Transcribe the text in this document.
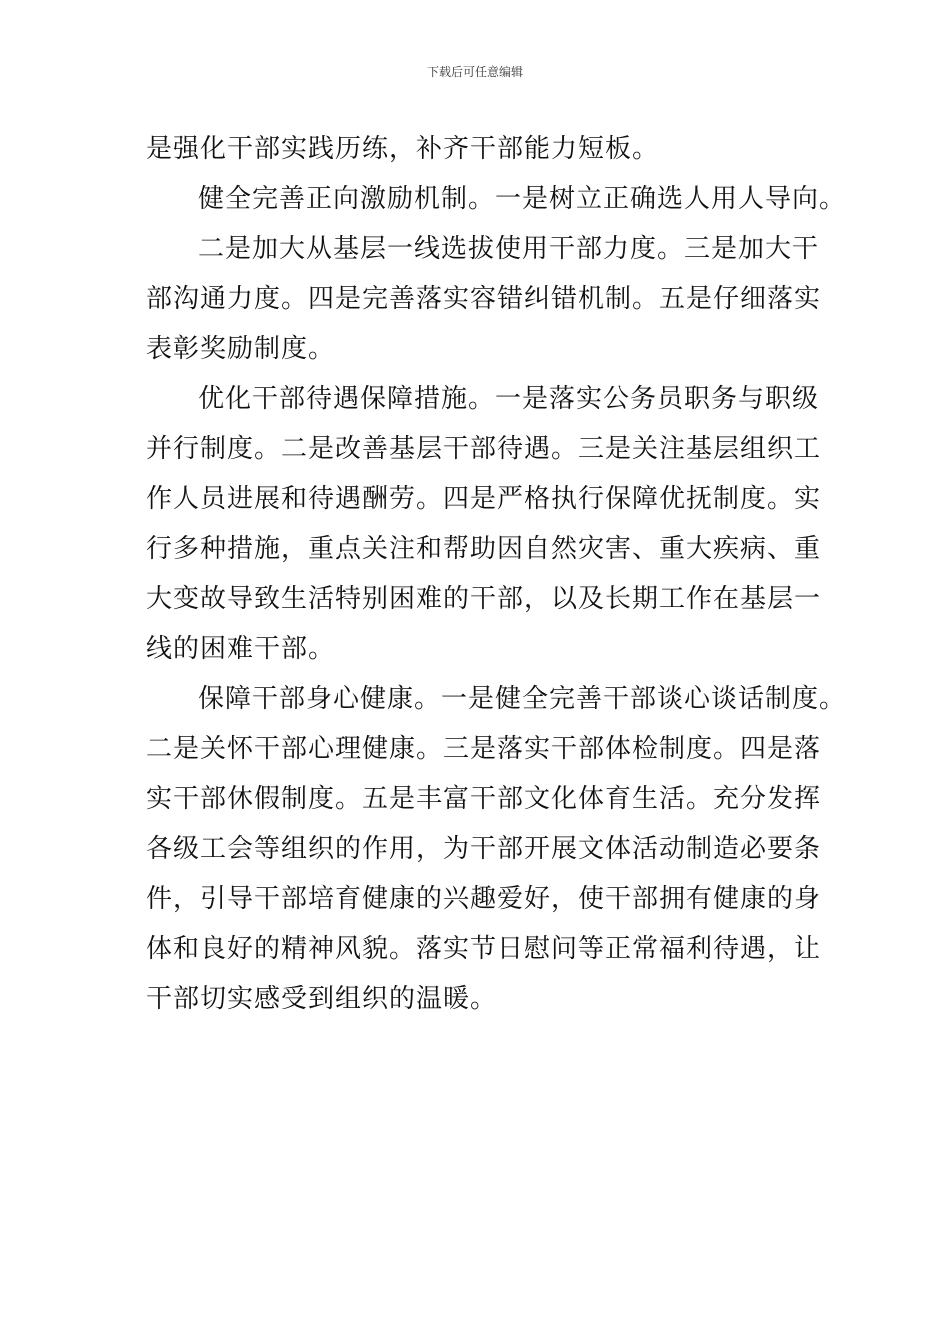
下载后可任意编辑
是强化干部实践历练，补齐干部能力短板。
健全完善正向激励机制。一是树立正确选人用人导向。
二是加大从基层一线选拔使用干部力度。三是加大干
部沟通力度。四是完善落实容错纠错机制。五是仔细落实
表彰奖励制度。
优化干部待遇保障措施。一是落实公务员职务与职级
并行制度。二是改善基层干部待遇。三是关注基层组织工
作人员进展和待遇酬劳。四是严格执行保障优抚制度。实
行多种措施，重点关注和帮助因自然灾害、重大疾病、重
大变故导致生活特别困难的干部，以及长期工作在基层一
线的困难干部。
保障干部身心健康。一是健全完善干部谈心谈话制度。
二是关怀干部心理健康。三是落实干部体检制度。四是落
实干部休假制度。五是丰富干部文化体育生活。充分发挥
各级工会等组织的作用，为干部开展文体活动制造必要条
件，引导干部培育健康的兴趣爱好，使干部拥有健康的身
体和良好的精神风貌。落实节日慰问等正常福利待遇，让
干部切实感受到组织的温暖。
